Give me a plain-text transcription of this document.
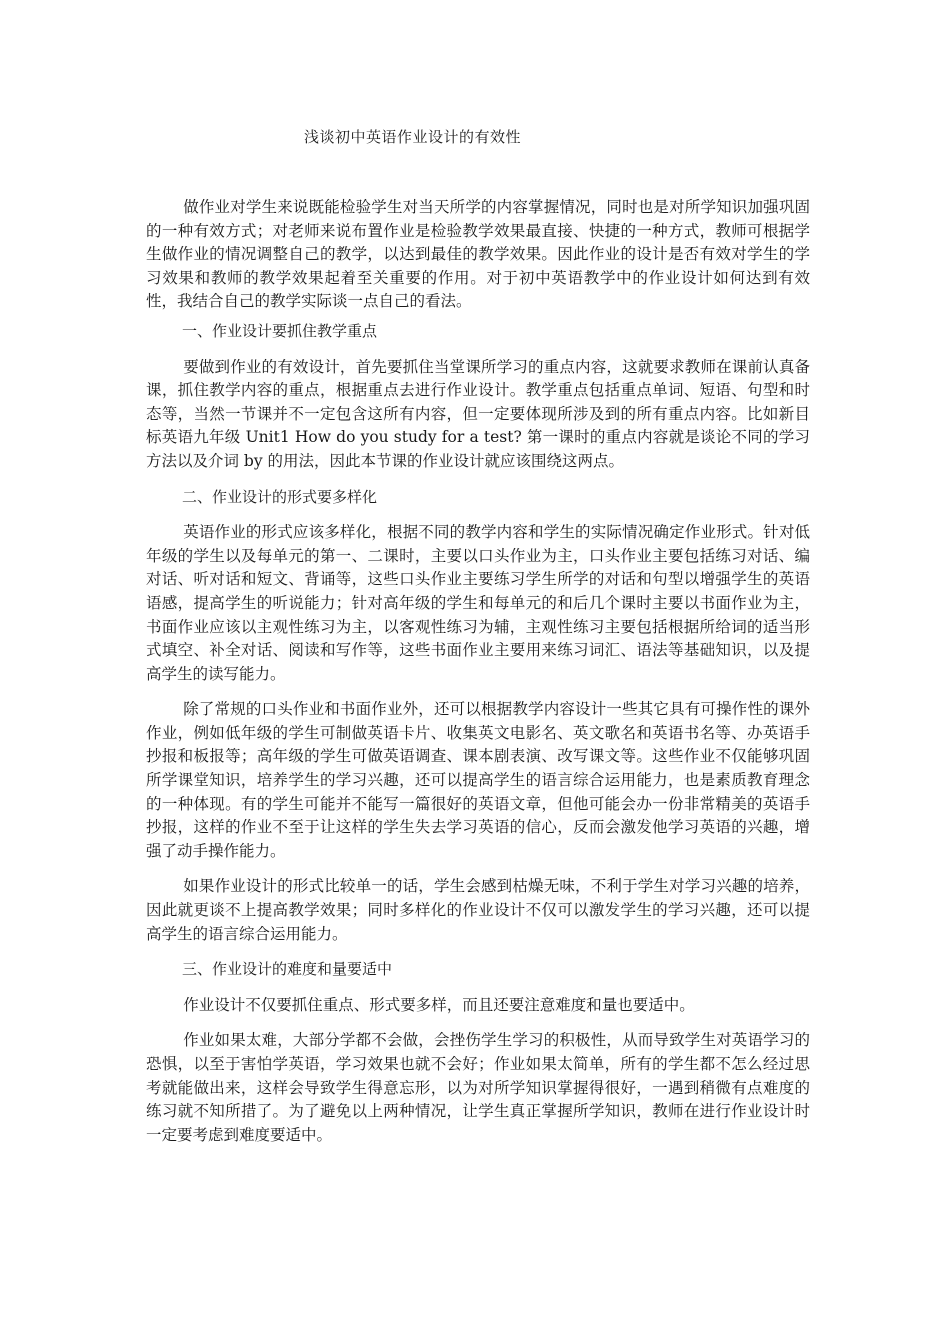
浅谈初中英语作业设计的有效性

做作业对学生来说既能检验学生对当天所学的内容掌握情况，同时也是对所学知识加强巩固的一种有效方式；对老师来说布置作业是检验教学效果最直接、快捷的一种方式，教师可根据学生做作业的情况调整自己的教学，以达到最佳的教学效果。因此作业的设计是否有效对学生的学习效果和教师的教学效果起着至关重要的作用。对于初中英语教学中的作业设计如何达到有效性，我结合自己的教学实际谈一点自己的看法。

一、作业设计要抓住教学重点

要做到作业的有效设计，首先要抓住当堂课所学习的重点内容，这就要求教师在课前认真备课，抓住教学内容的重点，根据重点去进行作业设计。教学重点包括重点单词、短语、句型和时态等，当然一节课并不一定包含这所有内容，但一定要体现所涉及到的所有重点内容。比如新目标英语九年级 Unit1 How do you study for a test? 第一课时的重点内容就是谈论不同的学习方法以及介词 by 的用法，因此本节课的作业设计就应该围绕这两点。

二、作业设计的形式要多样化

英语作业的形式应该多样化，根据不同的教学内容和学生的实际情况确定作业形式。针对低年级的学生以及每单元的第一、二课时，主要以口头作业为主，口头作业主要包括练习对话、编对话、听对话和短文、背诵等，这些口头作业主要练习学生所学的对话和句型以增强学生的英语语感，提高学生的听说能力；针对高年级的学生和每单元的和后几个课时主要以书面作业为主，书面作业应该以主观性练习为主，以客观性练习为辅，主观性练习主要包括根据所给词的适当形式填空、补全对话、阅读和写作等，这些书面作业主要用来练习词汇、语法等基础知识，以及提高学生的读写能力。

除了常规的口头作业和书面作业外，还可以根据教学内容设计一些其它具有可操作性的课外作业，例如低年级的学生可制做英语卡片、收集英文电影名、英文歌名和英语书名等、办英语手抄报和板报等；高年级的学生可做英语调查、课本剧表演、改写课文等。这些作业不仅能够巩固所学课堂知识，培养学生的学习兴趣，还可以提高学生的语言综合运用能力，也是素质教育理念的一种体现。有的学生可能并不能写一篇很好的英语文章，但他可能会办一份非常精美的英语手抄报，这样的作业不至于让这样的学生失去学习英语的信心，反而会激发他学习英语的兴趣，增强了动手操作能力。

如果作业设计的形式比较单一的话，学生会感到枯燥无味，不利于学生对学习兴趣的培养，因此就更谈不上提高教学效果；同时多样化的作业设计不仅可以激发学生的学习兴趣，还可以提高学生的语言综合运用能力。

三、作业设计的难度和量要适中

作业设计不仅要抓住重点、形式要多样，而且还要注意难度和量也要适中。

作业如果太难，大部分学都不会做，会挫伤学生学习的积极性，从而导致学生对英语学习的恐惧，以至于害怕学英语，学习效果也就不会好；作业如果太简单，所有的学生都不怎么经过思考就能做出来，这样会导致学生得意忘形，以为对所学知识掌握得很好，一遇到稍微有点难度的练习就不知所措了。为了避免以上两种情况，让学生真正掌握所学知识，教师在进行作业设计时一定要考虑到难度要适中。
